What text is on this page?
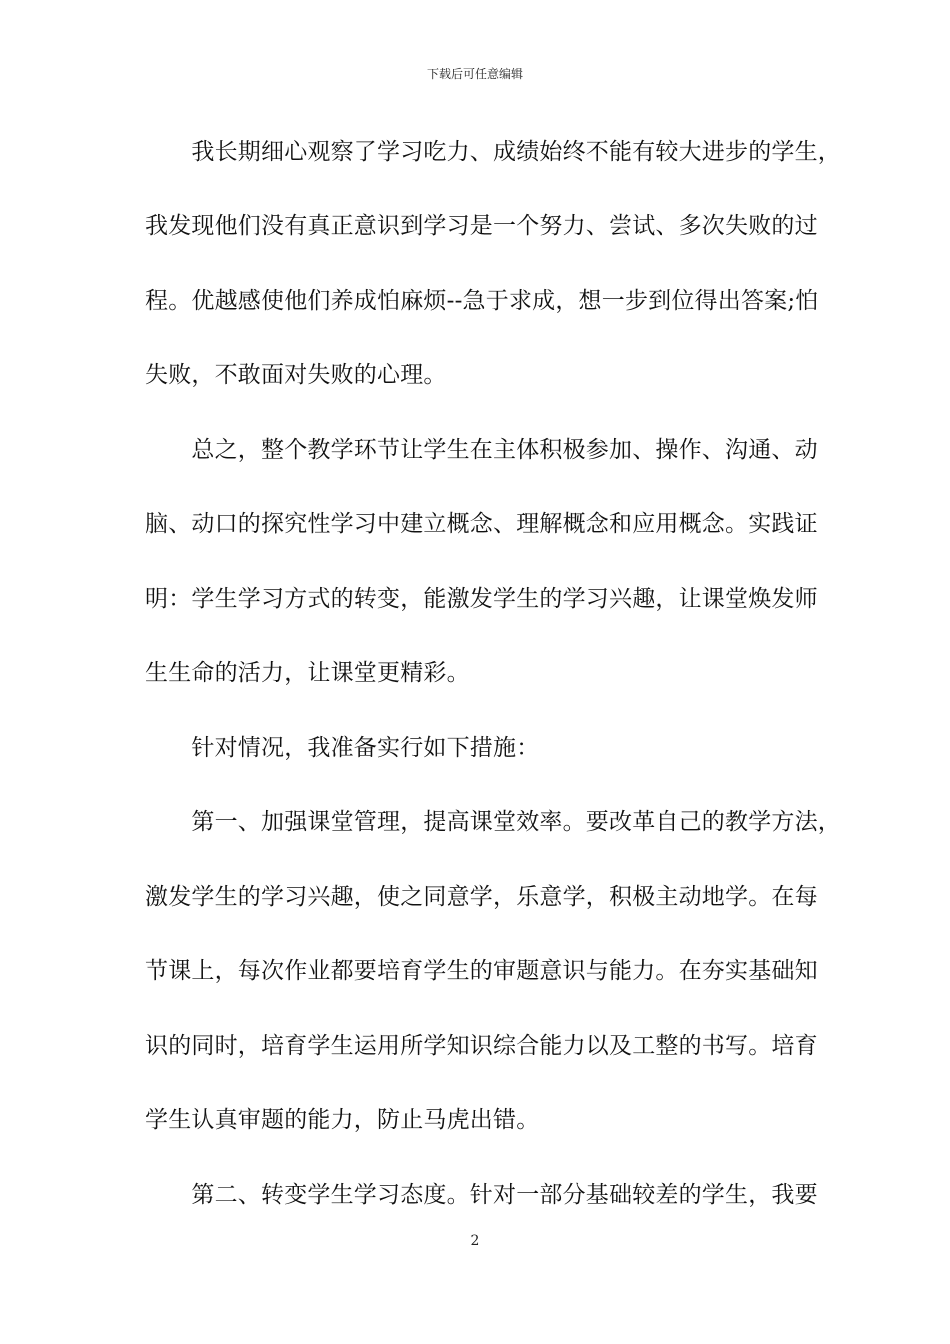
下载后可任意编辑
　　我长期细心观察了学习吃力、成绩始终不能有较大进步的学生，
我发现他们没有真正意识到学习是一个努力、尝试、多次失败的过
程。优越感使他们养成怕麻烦--急于求成，想一步到位得出答案;怕
失败，不敢面对失败的心理。
　　总之，整个教学环节让学生在主体积极参加、操作、沟通、动
脑、动口的探究性学习中建立概念、理解概念和应用概念。实践证
明：学生学习方式的转变，能激发学生的学习兴趣，让课堂焕发师
生生命的活力，让课堂更精彩。
　　针对情况，我准备实行如下措施：
　　第一、加强课堂管理，提高课堂效率。要改革自己的教学方法，
激发学生的学习兴趣，使之同意学，乐意学，积极主动地学。在每
节课上，每次作业都要培育学生的审题意识与能力。在夯实基础知
识的同时，培育学生运用所学知识综合能力以及工整的书写。培育
学生认真审题的能力，防止马虎出错。
　　第二、转变学生学习态度。针对一部分基础较差的学生，我要
2
